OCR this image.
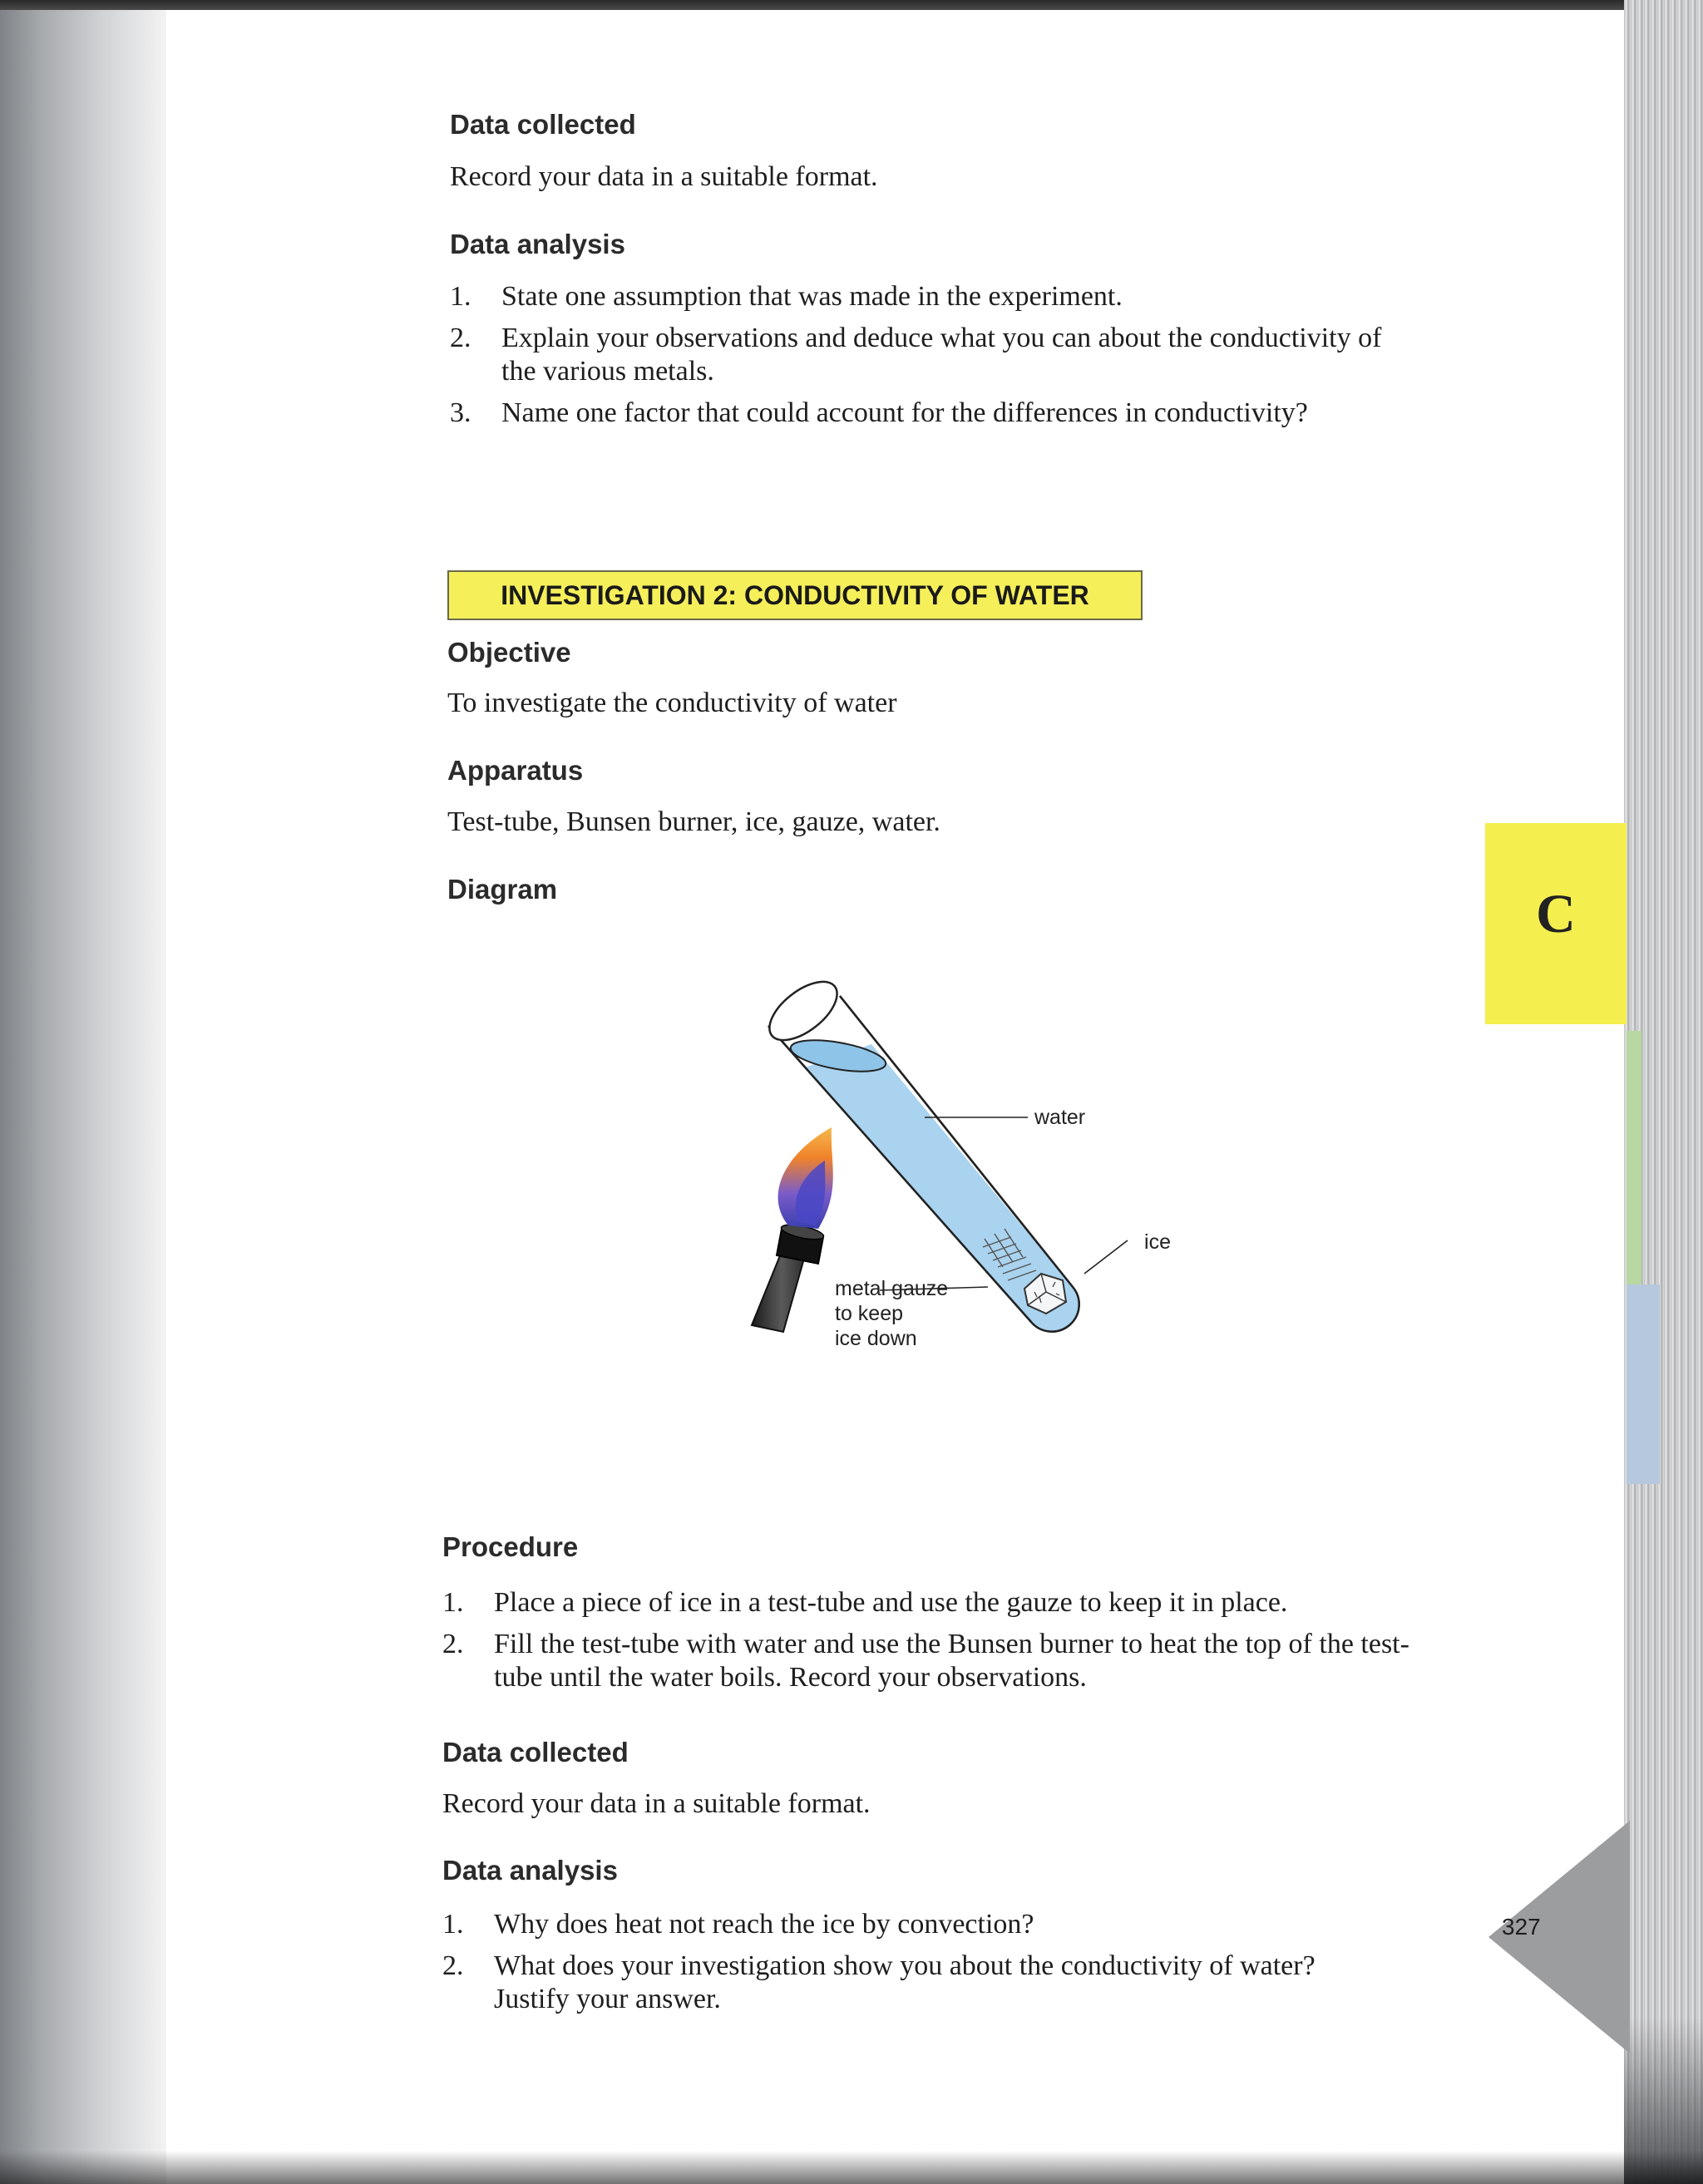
Data collected

Record your data in a suitable format.

Data analysis
1. State one assumption that was made in the experiment.
2. Explain your observations and deduce what you can about the conductivity of the various metals.
3. Name one factor that could account for the differences in conductivity?
INVESTIGATION 2: CONDUCTIVITY OF WATER
Objective

To investigate the conductivity of water

Apparatus

Test-tube, Bunsen burner, ice, gauze, water.

Diagram
water
ice
metal gauze
to keep
ice down
Procedure
1. Place a piece of ice in a test-tube and use the gauze to keep it in place.
2. Fill the test-tube with water and use the Bunsen burner to heat the top of the test-tube until the water boils. Record your observations.
Data collected

Record your data in a suitable format.

Data analysis
1. Why does heat not reach the ice by convection?
2. What does your investigation show you about the conductivity of water? Justify your answer.
C
327
